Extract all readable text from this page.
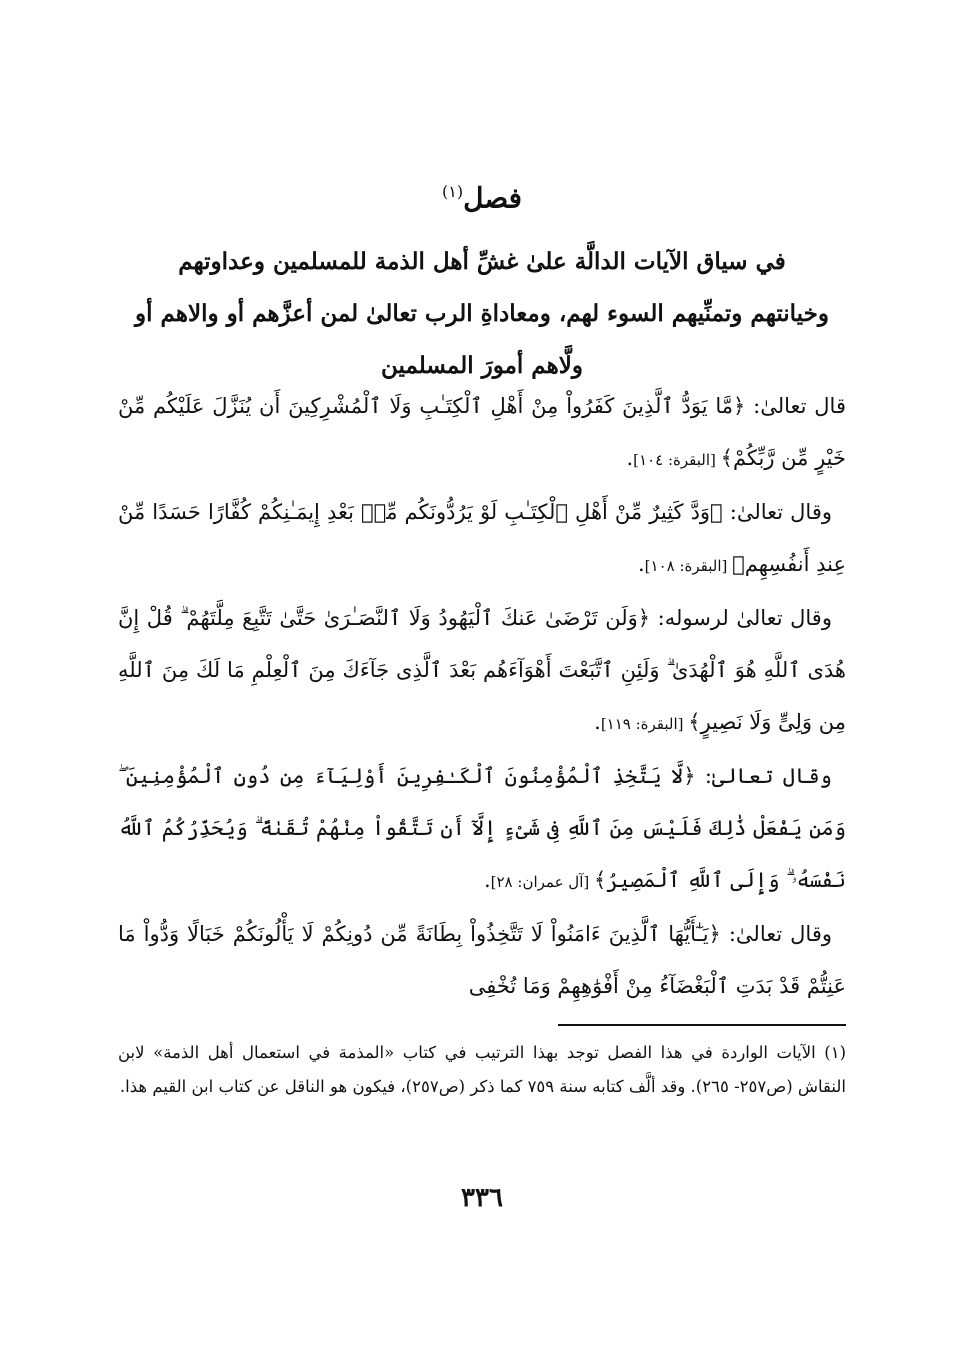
فصل$^{(١)}$
في سياق الآيات الدالَّة علىٰ غشِّ أهل الذمة للمسلمين وعداوتهم
وخيانتهم وتمنِّيهم السوء لهم، ومعاداةِ الرب تعالىٰ لمن أعزَّهم أو والاهم أو
ولَّاهم أمورَ المسلمين

قال تعالىٰ: ﴿مَّا يَوَدُّ ٱلَّذِينَ كَفَرُواْ مِنْ أَهْلِ ٱلْكِتَـٰبِ وَلَا ٱلْمُشْرِكِينَ أَن يُنَزَّلَ عَلَيْكُم مِّنْ خَيْرٍ مِّن رَّبِّكُمْ﴾ [البقرة: ١٠٤].

وقال تعالىٰ: ﴿وَدَّ كَثِيرٌ مِّنْ أَهْلِ ٱلْكِتَـٰبِ لَوْ يَرُدُّونَكُم مِّنۢ بَعْدِ إِيمَـٰنِكُمْ كُفَّارًا حَسَدًا مِّنْ عِندِ أَنفُسِهِم﴾ [البقرة: ١٠٨].

وقال تعالىٰ لرسوله: ﴿وَلَن تَرْضَىٰ عَنكَ ٱلْيَهُودُ وَلَا ٱلنَّصَـٰرَىٰ حَتَّىٰ تَتَّبِعَ مِلَّتَهُمْ ۗ قُلْ إِنَّ هُدَى ٱللَّهِ هُوَ ٱلْهُدَىٰ ۗ وَلَئِنِ ٱتَّبَعْتَ أَهْوَآءَهُم بَعْدَ ٱلَّذِى جَآءَكَ مِنَ ٱلْعِلْمِ مَا لَكَ مِنَ ٱللَّهِ مِن وَلِىٍّ وَلَا نَصِيرٍ﴾ [البقرة: ١١٩].

وقال تعالىٰ: ﴿لَّا يَتَّخِذِ ٱلْمُؤْمِنُونَ ٱلْكَـٰفِرِينَ أَوْلِيَآءَ مِن دُونِ ٱلْمُؤْمِنِينَ ۖ وَمَن يَفْعَلْ ذَٰلِكَ فَلَيْسَ مِنَ ٱللَّهِ فِى شَىْءٍ إِلَّآ أَن تَتَّقُواْ مِنْهُمْ تُقَىٰةً ۗ وَيُحَذِّرُكُمُ ٱللَّهُ نَفْسَهُۥ ۗ وَإِلَى ٱللَّهِ ٱلْمَصِيرُ﴾ [آل عمران: ٢٨].

وقال تعالىٰ: ﴿يَـٰٓأَيُّهَا ٱلَّذِينَ ءَامَنُواْ لَا تَتَّخِذُواْ بِطَانَةً مِّن دُونِكُمْ لَا يَأْلُونَكُمْ خَبَالًا وَدُّواْ مَا عَنِتُّمْ قَدْ بَدَتِ ٱلْبَغْضَآءُ مِنْ أَفْوَٰهِهِمْ وَمَا تُخْفِى

(١) الآيات الواردة في هذا الفصل توجد بهذا الترتيب في كتاب «المذمة في استعمال أهل الذمة» لابن النقاش (ص٢٥٧- ٢٦٥). وقد ألَّف كتابه سنة ٧٥٩ كما ذكر (ص٢٥٧)، فيكون هو الناقل عن كتاب ابن القيم هذا.
٣٣٦
